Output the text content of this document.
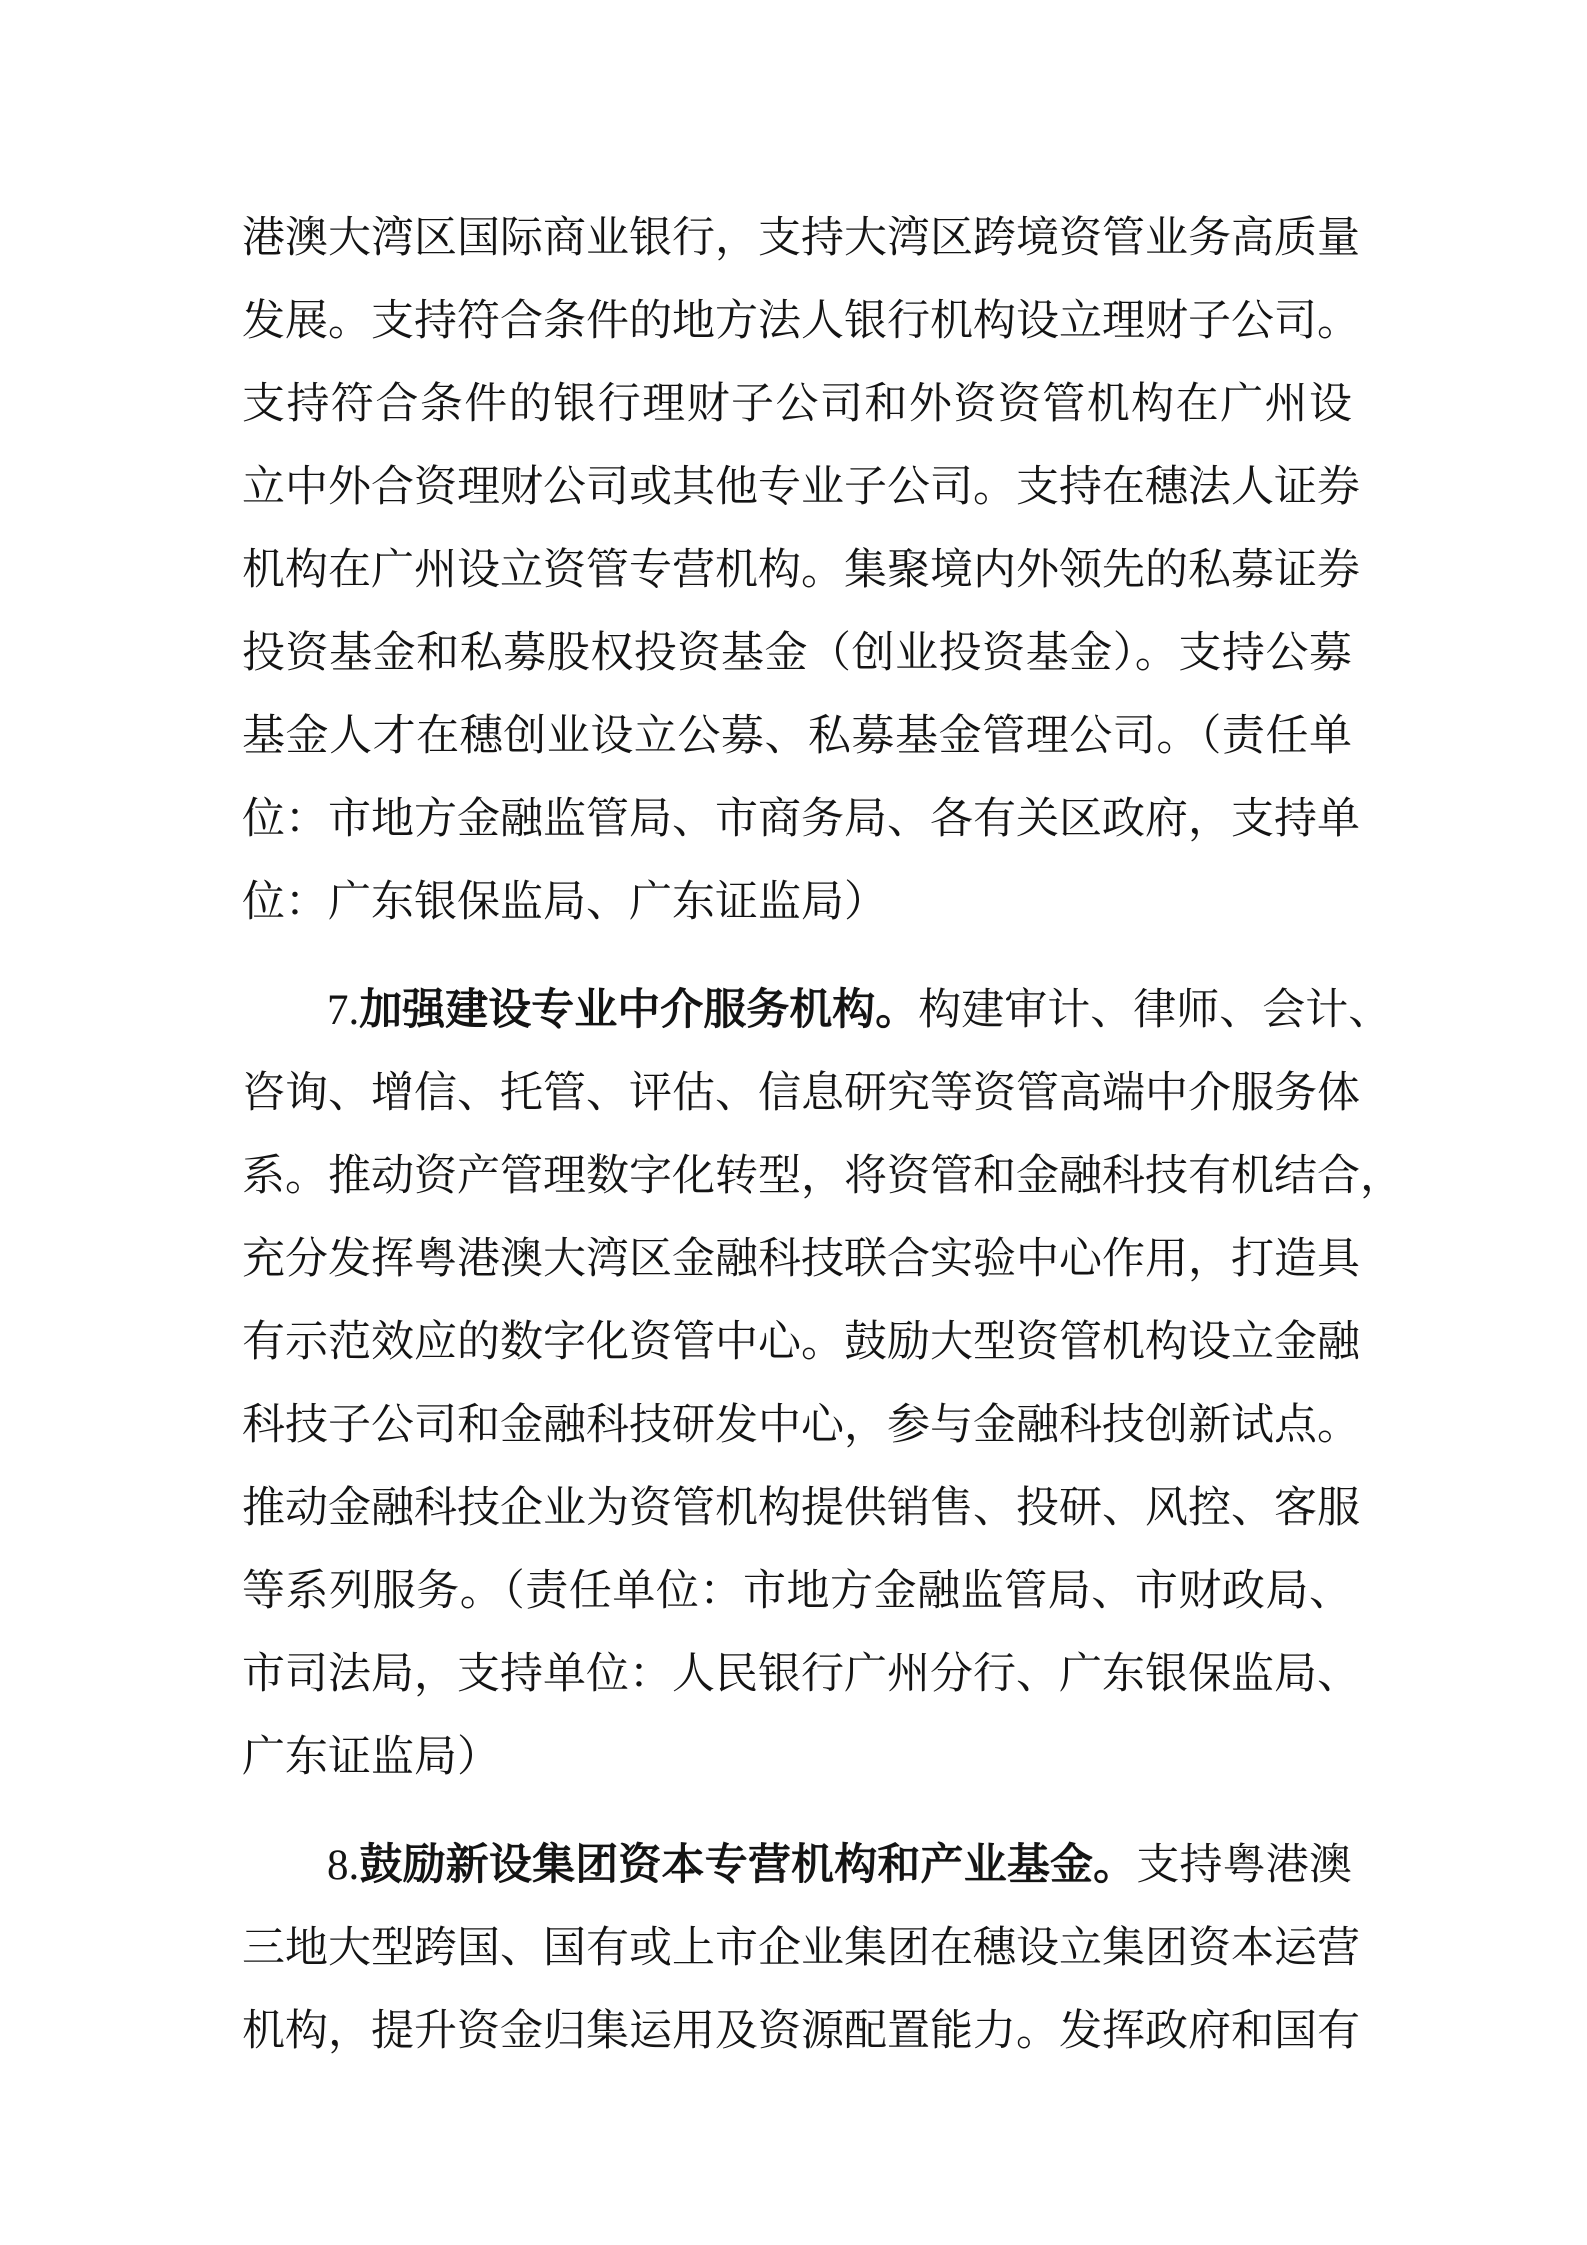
港澳大湾区国际商业银行，支持大湾区跨境资管业务高质量
发展。支持符合条件的地方法人银行机构设立理财子公司。
支持符合条件的银行理财子公司和外资资管机构在广州设
立中外合资理财公司或其他专业子公司。支持在穗法人证券
机构在广州设立资管专营机构。集聚境内外领先的私募证券
投资基金和私募股权投资基金（创业投资基金）。支持公募
基金人才在穗创业设立公募、私募基金管理公司。（责任单
位：市地方金融监管局、市商务局、各有关区政府，支持单
位：广东银保监局、广东证监局）
7.加强建设专业中介服务机构。构建审计、律师、会计、
咨询、增信、托管、评估、信息研究等资管高端中介服务体
系。推动资产管理数字化转型，将资管和金融科技有机结合，
充分发挥粤港澳大湾区金融科技联合实验中心作用，打造具
有示范效应的数字化资管中心。鼓励大型资管机构设立金融
科技子公司和金融科技研发中心，参与金融科技创新试点。
推动金融科技企业为资管机构提供销售、投研、风控、客服
等系列服务。（责任单位：市地方金融监管局、市财政局、
市司法局，支持单位：人民银行广州分行、广东银保监局、
广东证监局）
8.鼓励新设集团资本专营机构和产业基金。支持粤港澳
三地大型跨国、国有或上市企业集团在穗设立集团资本运营
机构，提升资金归集运用及资源配置能力。发挥政府和国有
